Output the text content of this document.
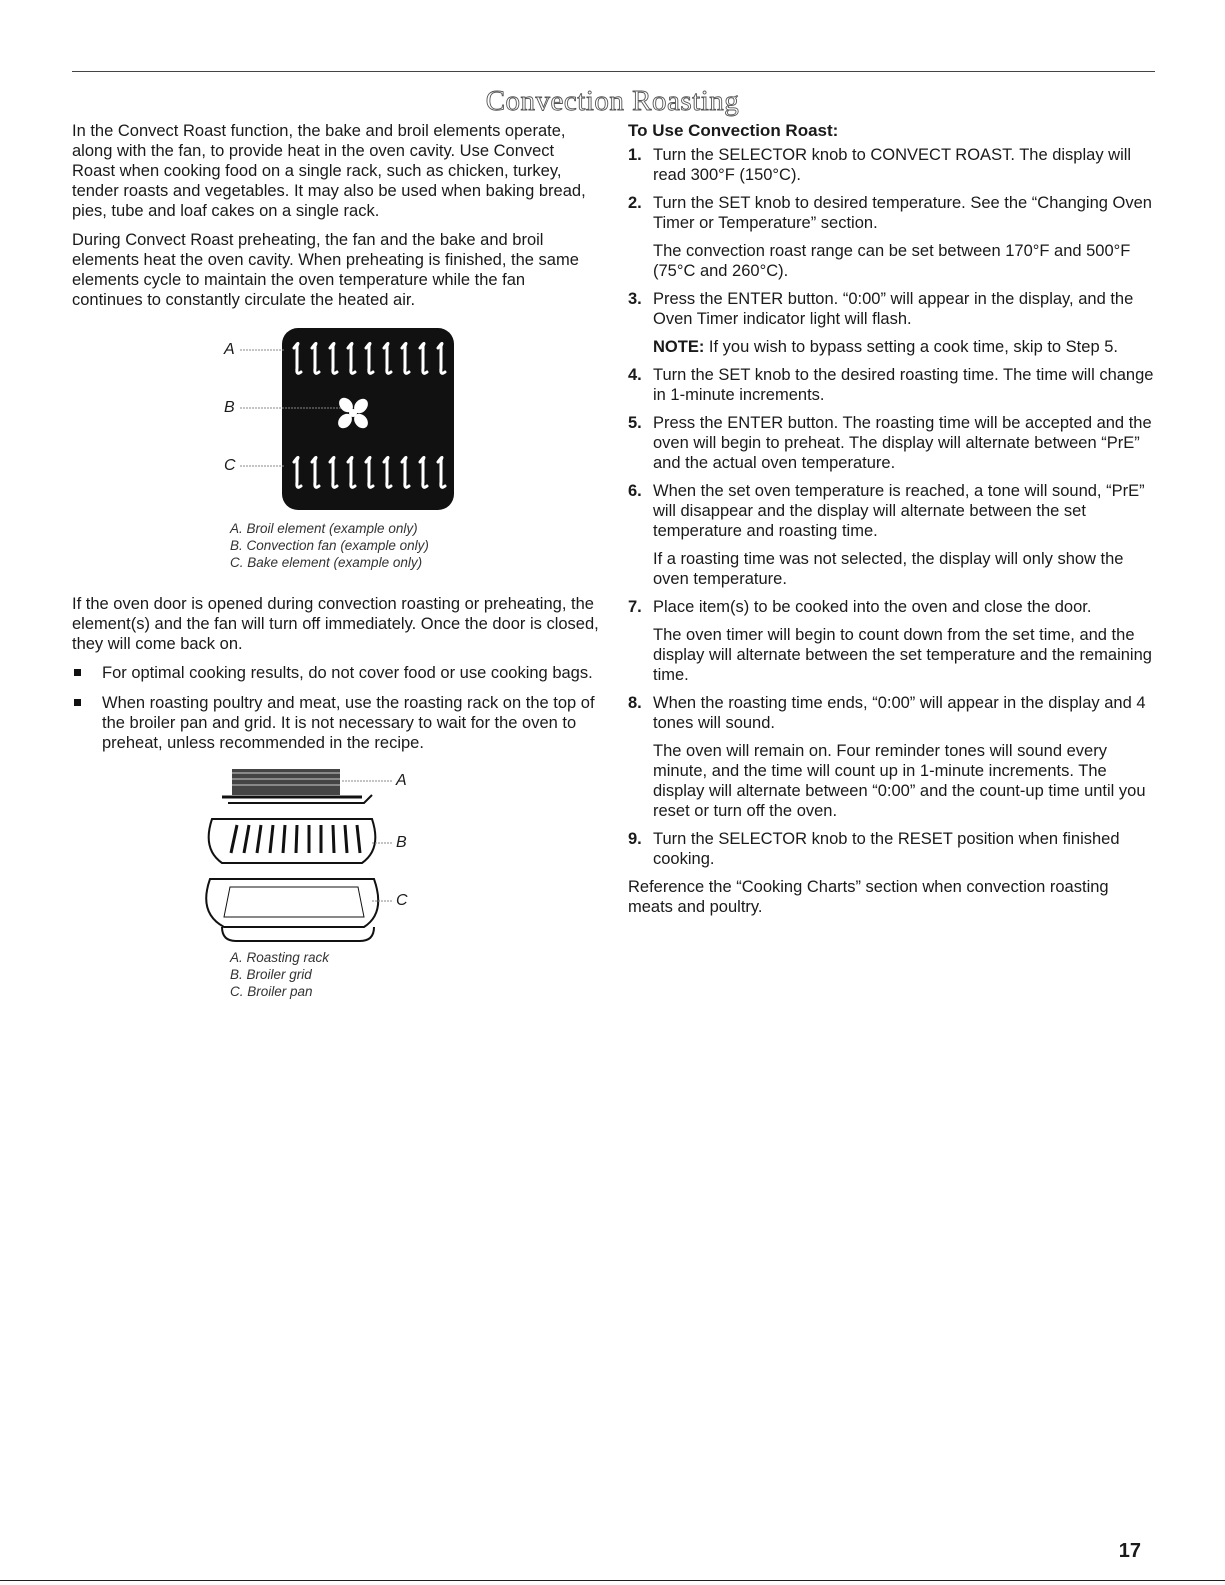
Convection Roasting

In the Convect Roast function, the bake and broil elements operate, along with the fan, to provide heat in the oven cavity. Use Convect Roast when cooking food on a single rack, such as chicken, turkey, tender roasts and vegetables. It may also be used when baking bread, pies, tube and loaf cakes on a single rack.

During Convect Roast preheating, the fan and the bake and broil elements heat the oven cavity. When preheating is finished, the same elements cycle to maintain the oven temperature while the fan continues to constantly circulate the heated air.

A
B
C
A. Broil element (example only)
B. Convection fan (example only)
C. Bake element (example only)

If the oven door is opened during convection roasting or preheating, the element(s) and the fan will turn off immediately. Once the door is closed, they will come back on.

For optimal cooking results, do not cover food or use cooking bags.
When roasting poultry and meat, use the roasting rack on the top of the broiler pan and grid. It is not necessary to wait for the oven to preheat, unless recommended in the recipe.
A
B
C
A. Roasting rack
B. Broiler grid
C. Broiler pan
To Use Convection Roast:
1. Turn the SELECTOR knob to CONVECT ROAST. The display will read 300°F (150°C).
2. Turn the SET knob to desired temperature. See the “Changing Oven Timer or Temperature” section.
The convection roast range can be set between 170°F and 500°F (75°C and 260°C).
3. Press the ENTER button. “0:00” will appear in the display, and the Oven Timer indicator light will flash.
NOTE: If you wish to bypass setting a cook time, skip to Step 5.
4. Turn the SET knob to the desired roasting time. The time will change in 1-minute increments.
5. Press the ENTER button. The roasting time will be accepted and the oven will begin to preheat. The display will alternate between “PrE” and the actual oven temperature.
6. When the set oven temperature is reached, a tone will sound, “PrE” will disappear and the display will alternate between the set temperature and roasting time.
If a roasting time was not selected, the display will only show the oven temperature.
7. Place item(s) to be cooked into the oven and close the door.
The oven timer will begin to count down from the set time, and the display will alternate between the set temperature and the remaining time.
8. When the roasting time ends, “0:00” will appear in the display and 4 tones will sound.
The oven will remain on. Four reminder tones will sound every minute, and the time will count up in 1-minute increments. The display will alternate between “0:00” and the count-up time until you reset or turn off the oven.
9. Turn the SELECTOR knob to the RESET position when finished cooking.

Reference the “Cooking Charts” section when convection roasting meats and poultry.

17
